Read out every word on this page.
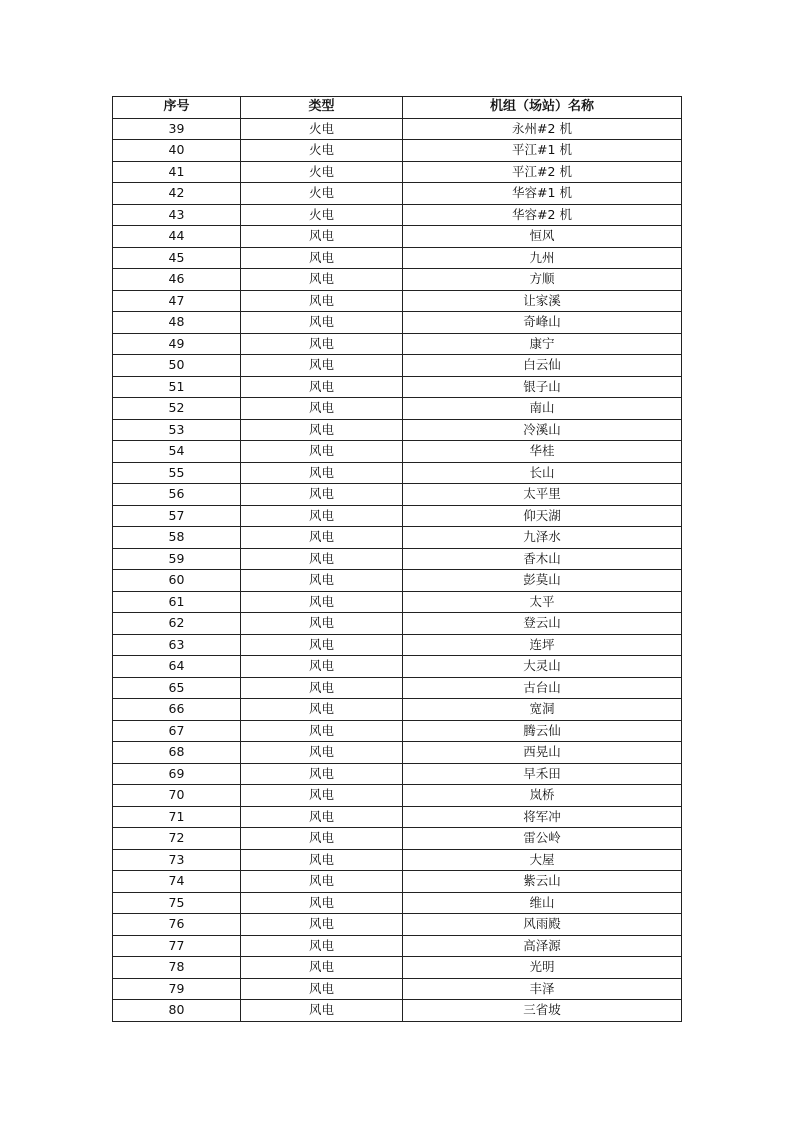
序号	类型	机组（场站）名称
39	火电	永州#2 机
40	火电	平江#1 机
41	火电	平江#2 机
42	火电	华容#1 机
43	火电	华容#2 机
44	风电	恒风
45	风电	九州
46	风电	方顺
47	风电	让家溪
48	风电	奇峰山
49	风电	康宁
50	风电	白云仙
51	风电	银子山
52	风电	南山
53	风电	冷溪山
54	风电	华桂
55	风电	长山
56	风电	太平里
57	风电	仰天湖
58	风电	九泽水
59	风电	香木山
60	风电	彭莫山
61	风电	太平
62	风电	登云山
63	风电	连坪
64	风电	大灵山
65	风电	古台山
66	风电	宽洞
67	风电	腾云仙
68	风电	西晃山
69	风电	早禾田
70	风电	岚桥
71	风电	将军冲
72	风电	雷公岭
73	风电	大屋
74	风电	紫云山
75	风电	维山
76	风电	风雨殿
77	风电	高泽源
78	风电	光明
79	风电	丰泽
80	风电	三省坡
